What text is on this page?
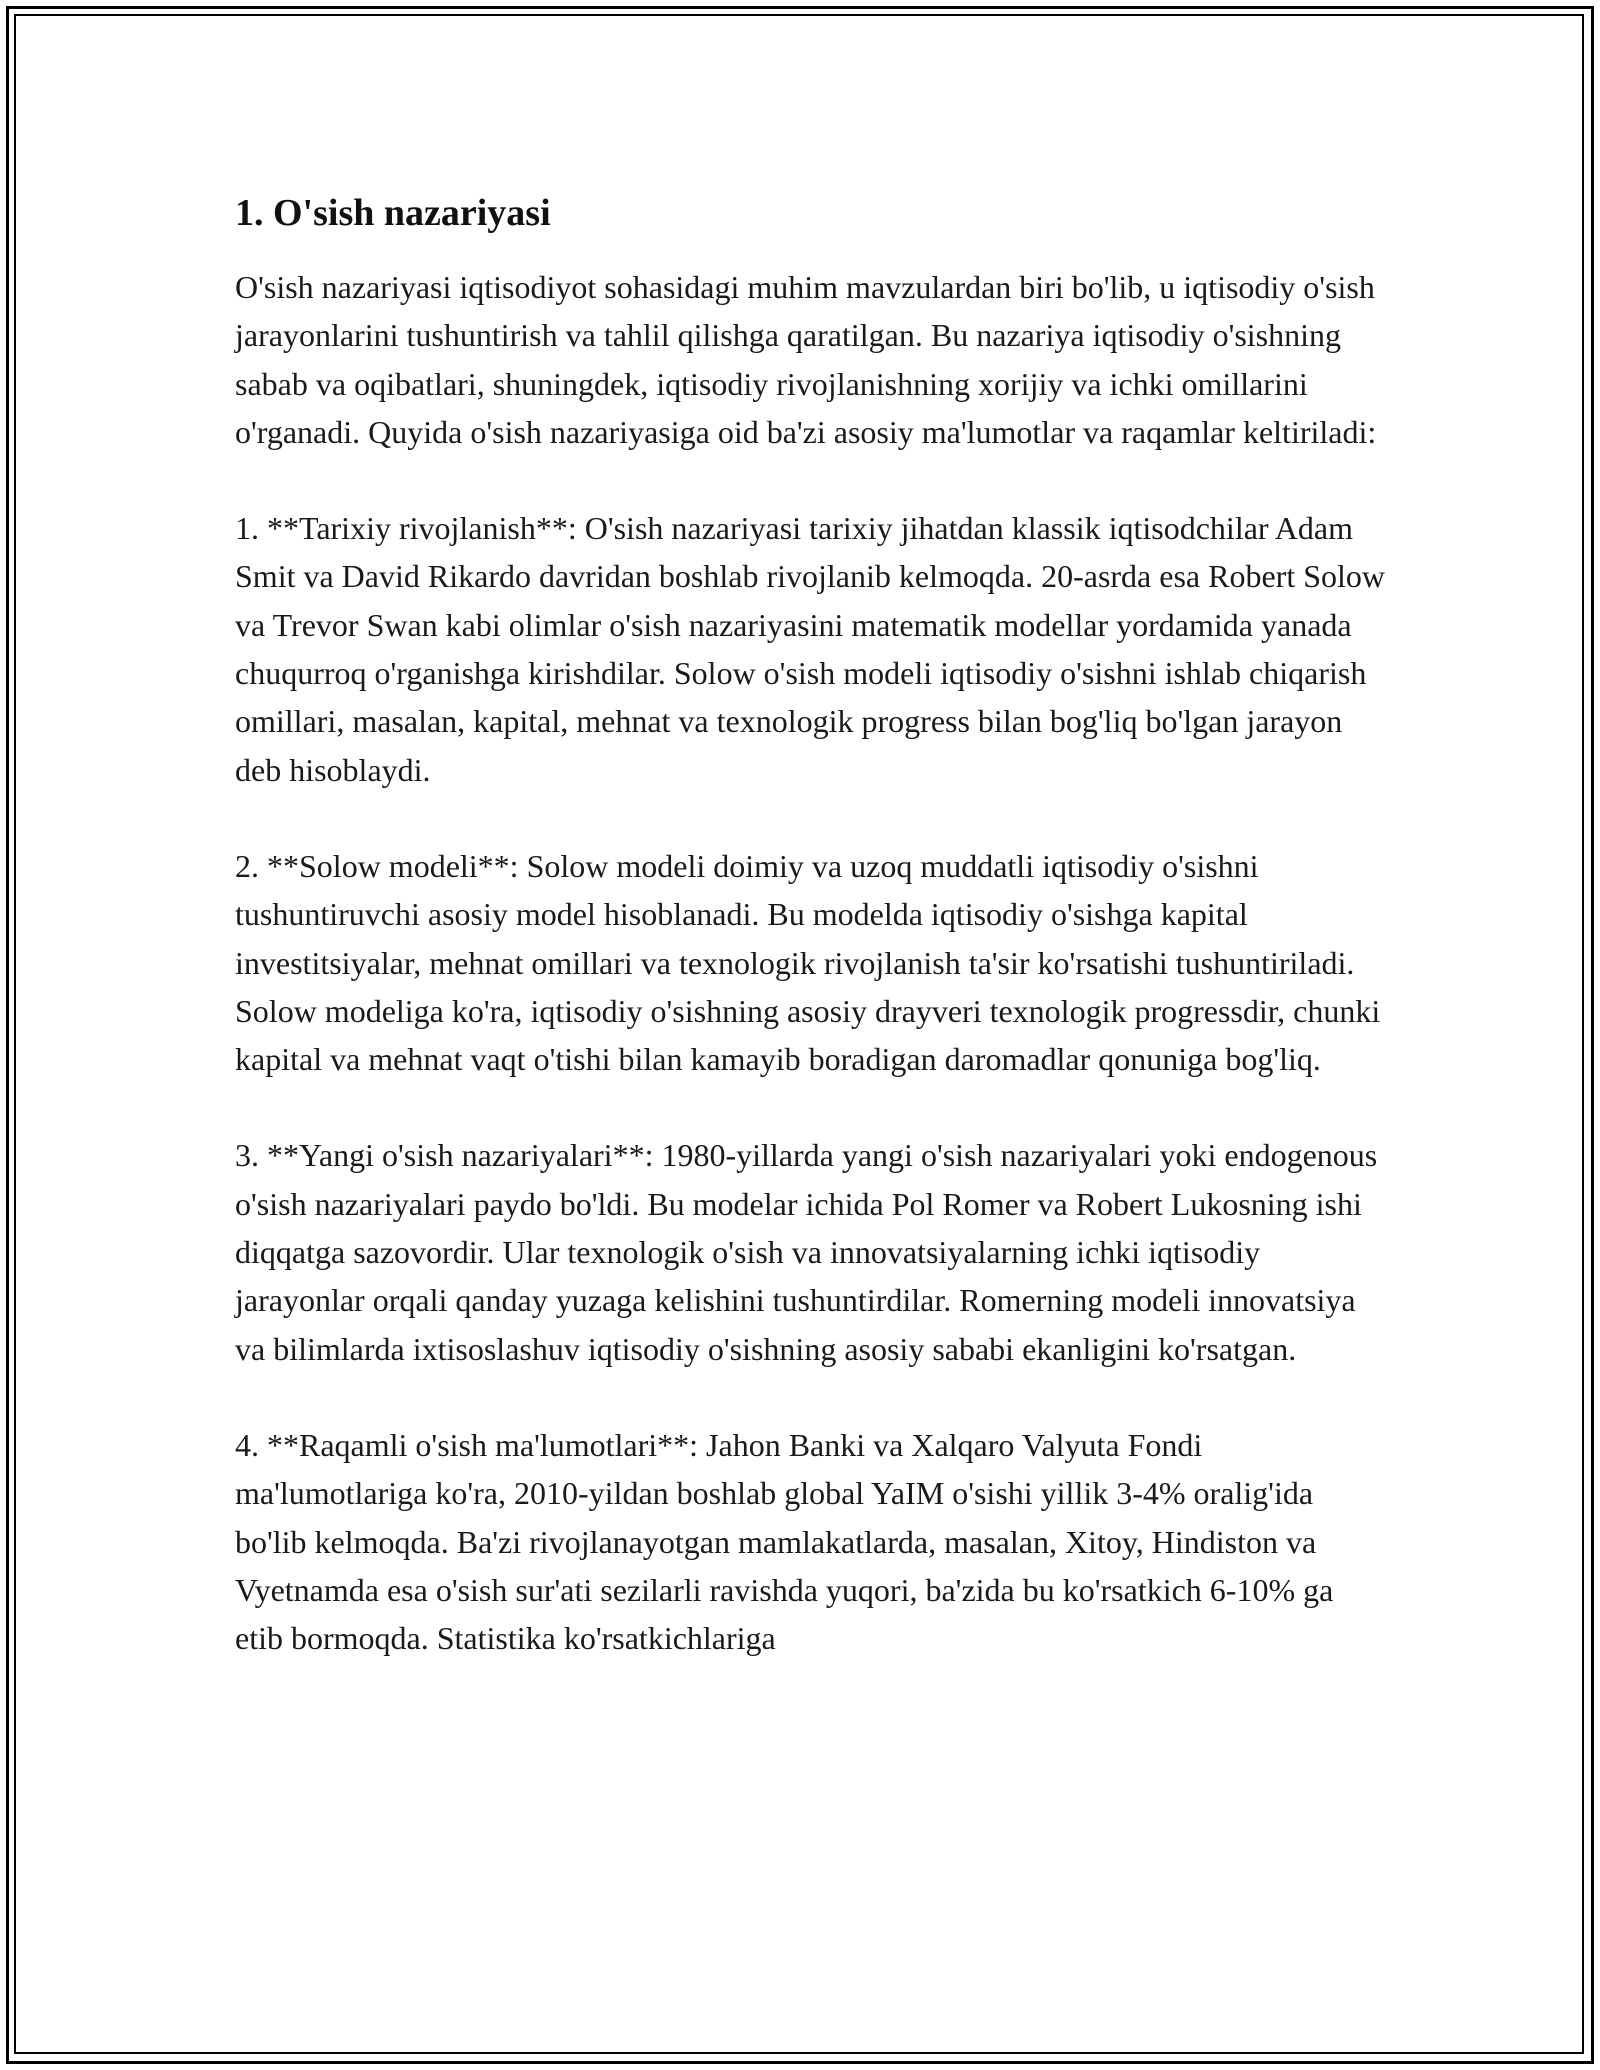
1. O'sish nazariyasi

O'sish nazariyasi iqtisodiyot sohasidagi muhim mavzulardan biri bo'lib, u iqtisodiy o'sish jarayonlarini tushuntirish va tahlil qilishga qaratilgan. Bu nazariya iqtisodiy o'sishning sabab va oqibatlari, shuningdek, iqtisodiy rivojlanishning xorijiy va ichki omillarini o'rganadi. Quyida o'sish nazariyasiga oid ba'zi asosiy ma'lumotlar va raqamlar keltiriladi:

1. **Tarixiy rivojlanish**: O'sish nazariyasi tarixiy jihatdan klassik iqtisodchilar Adam Smit va David Rikardo davridan boshlab rivojlanib kelmoqda. 20-asrda esa Robert Solow va Trevor Swan kabi olimlar o'sish nazariyasini matematik modellar yordamida yanada chuqurroq o'rganishga kirishdilar. Solow o'sish modeli iqtisodiy o'sishni ishlab chiqarish omillari, masalan, kapital, mehnat va texnologik progress bilan bog'liq bo'lgan jarayon deb hisoblaydi.

2. **Solow modeli**: Solow modeli doimiy va uzoq muddatli iqtisodiy o'sishni tushuntiruvchi asosiy model hisoblanadi. Bu modelda iqtisodiy o'sishga kapital investitsiyalar, mehnat omillari va texnologik rivojlanish ta'sir ko'rsatishi tushuntiriladi. Solow modeliga ko'ra, iqtisodiy o'sishning asosiy drayveri texnologik progressdir, chunki kapital va mehnat vaqt o'tishi bilan kamayib boradigan daromadlar qonuniga bog'liq.

3. **Yangi o'sish nazariyalari**: 1980-yillarda yangi o'sish nazariyalari yoki endogenous o'sish nazariyalari paydo bo'ldi. Bu modelar ichida Pol Romer va Robert Lukosning ishi diqqatga sazovordir. Ular texnologik o'sish va innovatsiyalarning ichki iqtisodiy jarayonlar orqali qanday yuzaga kelishini tushuntirdilar. Romerning modeli innovatsiya va bilimlarda ixtisoslashuv iqtisodiy o'sishning asosiy sababi ekanligini ko'rsatgan.

4. **Raqamli o'sish ma'lumotlari**: Jahon Banki va Xalqaro Valyuta Fondi ma'lumotlariga ko'ra, 2010-yildan boshlab global YaIM o'sishi yillik 3-4% oralig'ida bo'lib kelmoqda. Ba'zi rivojlanayotgan mamlakatlarda, masalan, Xitoy, Hindiston va Vyetnamda esa o'sish sur'ati sezilarli ravishda yuqori, ba'zida bu ko'rsatkich 6-10% ga etib bormoqda. Statistika ko'rsatkichlariga
